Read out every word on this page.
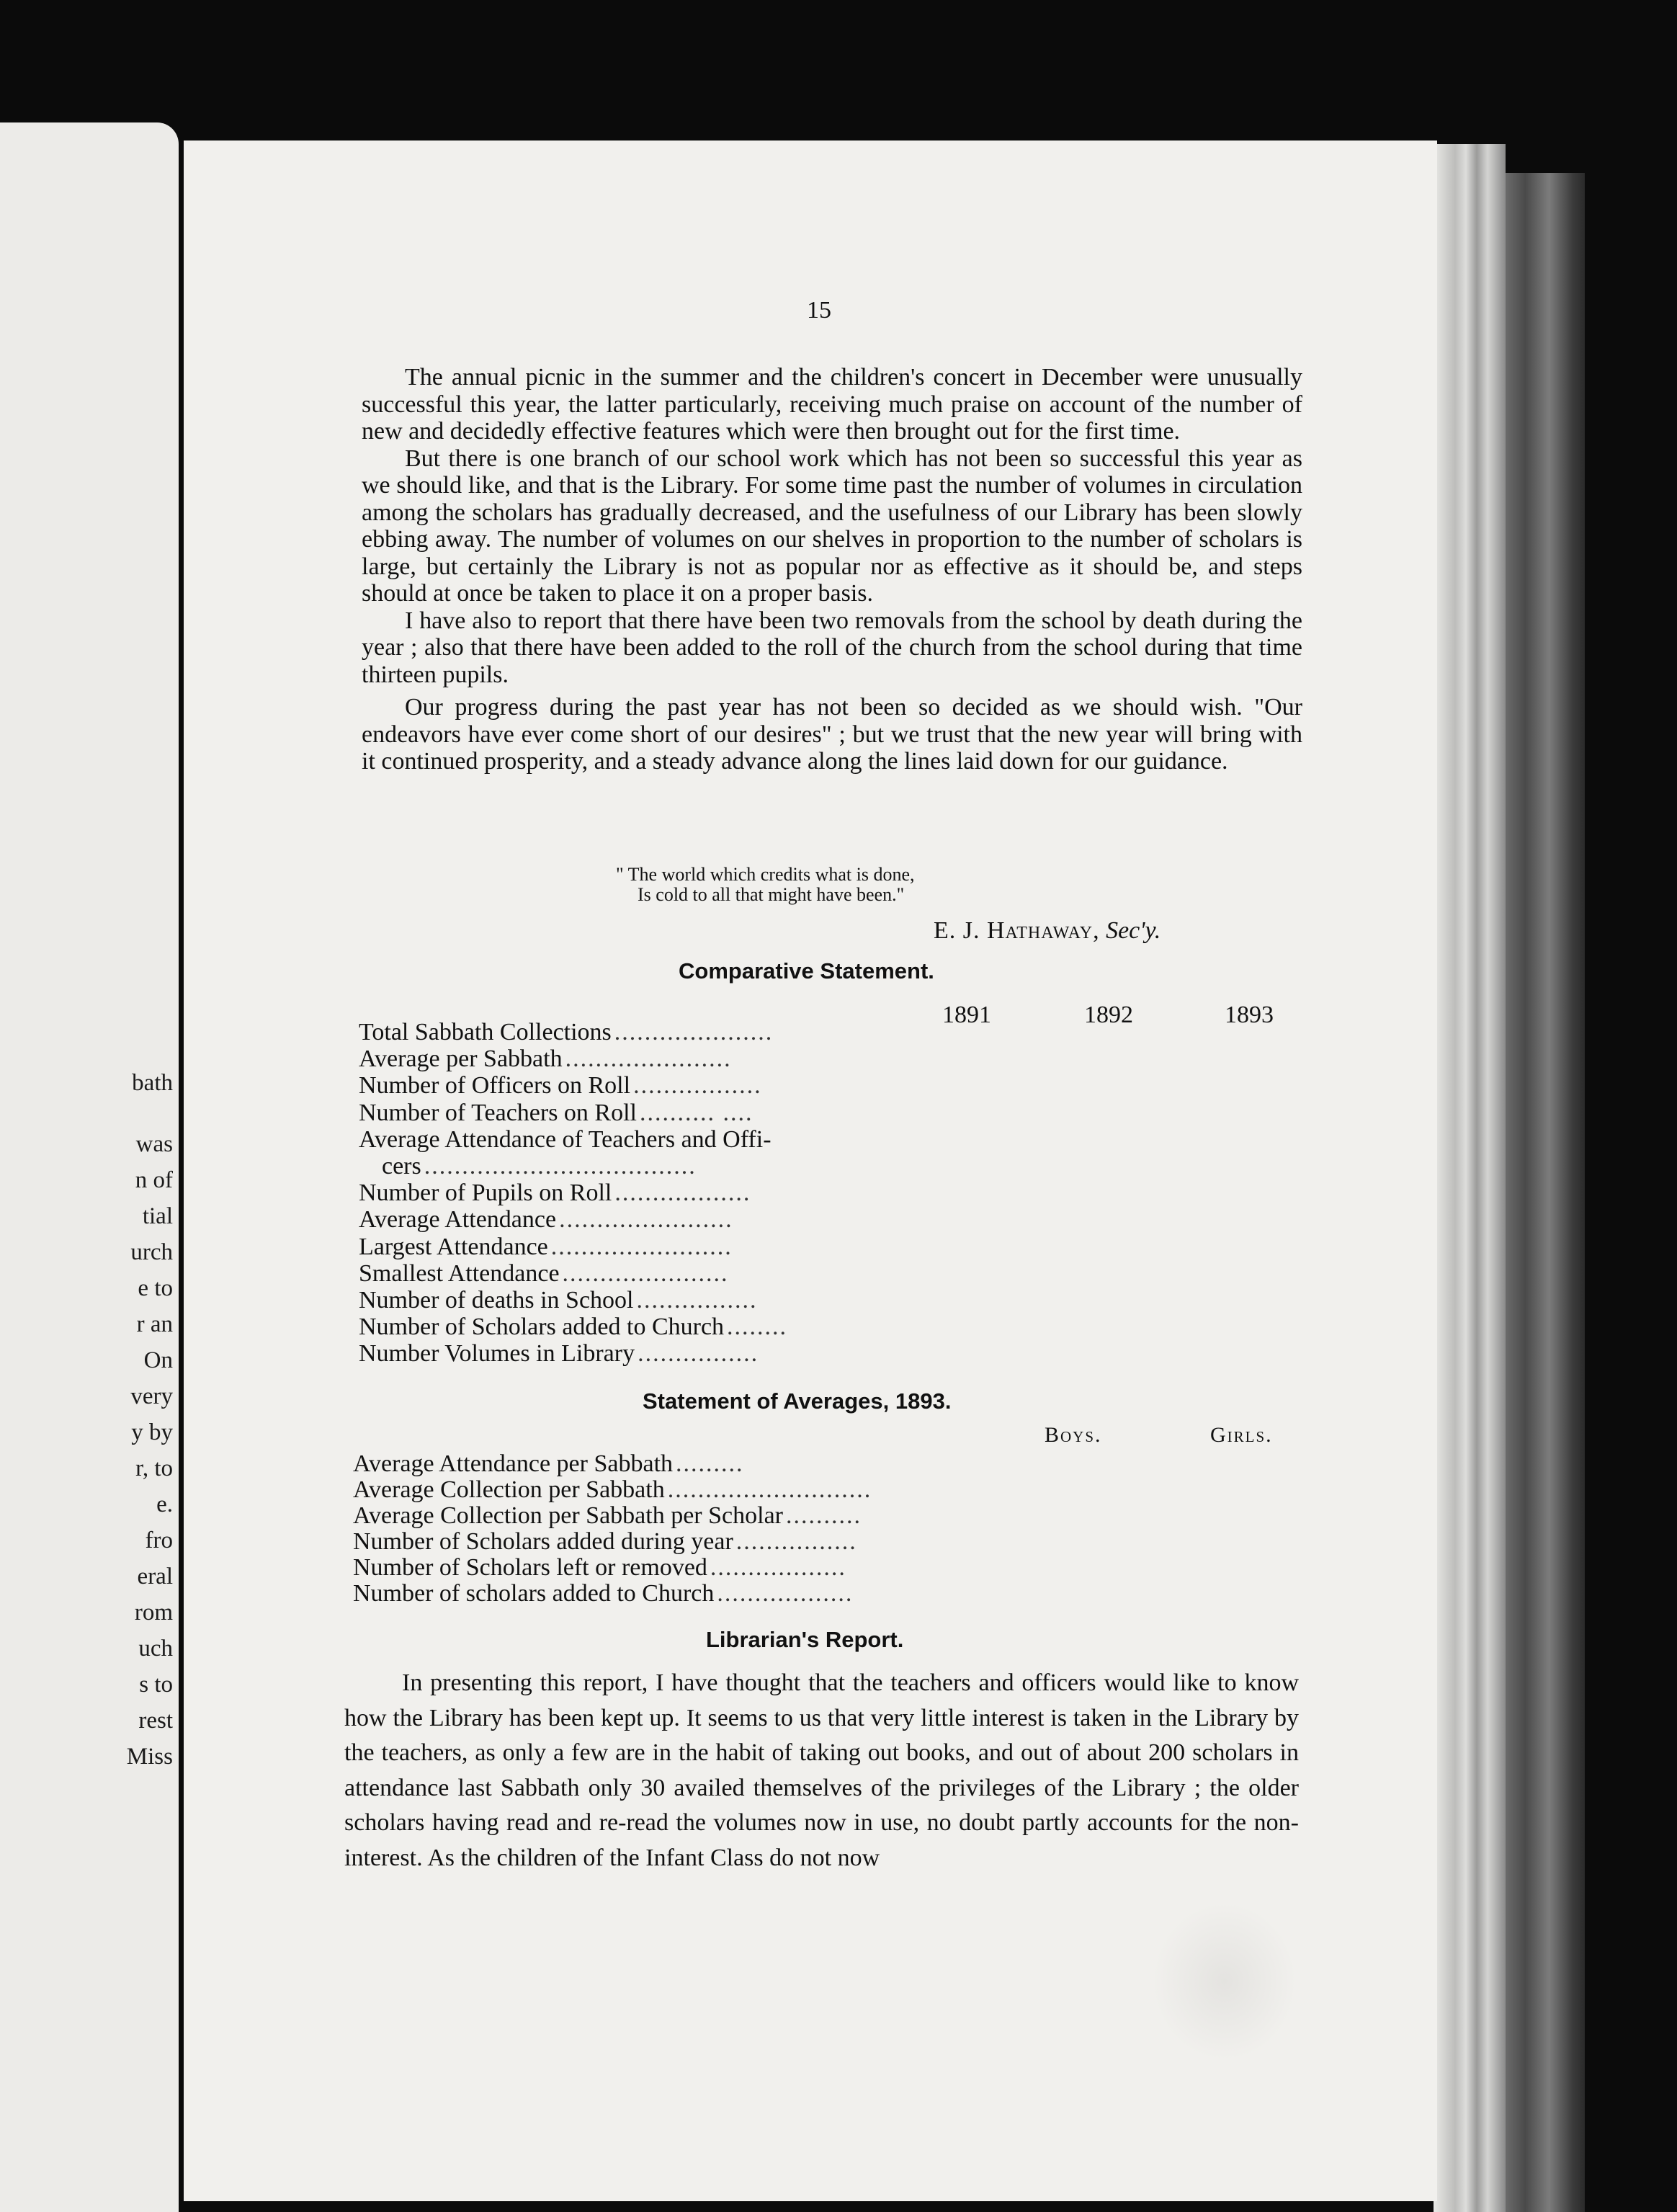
bath
was
n of
tial
urch
e to
r an
On
very
y by
r, to
e.
fro
eral
rom
uch
s to
rest
Miss
15

The annual picnic in the summer and the children's concert in December were unusually successful this year, the latter particularly, receiving much praise on account of the number of new and decidedly effective features which were then brought out for the first time.

But there is one branch of our school work which has not been so successful this year as we should like, and that is the Library. For some time past the number of volumes in circulation among the scholars has gradually decreased, and the usefulness of our Library has been slowly ebbing away. The number of volumes on our shelves in proportion to the number of scholars is large, but certainly the Library is not as popular nor as effective as it should be, and steps should at once be taken to place it on a proper basis.

I have also to report that there have been two removals from the school by death during the year ; also that there have been added to the roll of the church from the school during that time thirteen pupils.

Our progress during the past year has not been so decided as we should wish. "Our endeavors have ever come short of our desires" ; but we trust that the new year will bring with it continued prosperity, and a steady advance along the lines laid down for our guidance.

" The world which credits what is done,
Is cold to all that might have been."
E. J. Hathaway, Sec'y.
Comparative Statement.
1891	1892	1893
Total Sabbath Collections .....................
Average per Sabbath ......................
Number of Officers on Roll .................
Number of Teachers on Roll .......... ....
Average Attendance of Teachers and Offi-
cers ....................................
Number of Pupils on Roll ..................
Average Attendance .......................
Largest Attendance ........................
Smallest Attendance ......................
Number of deaths in School ................
Number of Scholars added to Church ........
Number Volumes in Library ................
Statement of Averages, 1893.
Boys.	Girls.
Average Attendance per Sabbath .........
Average Collection per Sabbath ...........................
Average Collection per Sabbath per Scholar ..........
Number of Scholars added during year ................
Number of Scholars left or removed ..................
Number of scholars added to Church ..................
Librarian's Report.

In presenting this report, I have thought that the teachers and officers would like to know how the Library has been kept up. It seems to us that very little interest is taken in the Library by the teachers, as only a few are in the habit of taking out books, and out of about 200 scholars in attendance last Sabbath only 30 availed themselves of the privileges of the Library ; the older scholars having read and re-read the volumes now in use, no doubt partly accounts for the non-interest. As the children of the Infant Class do not now
